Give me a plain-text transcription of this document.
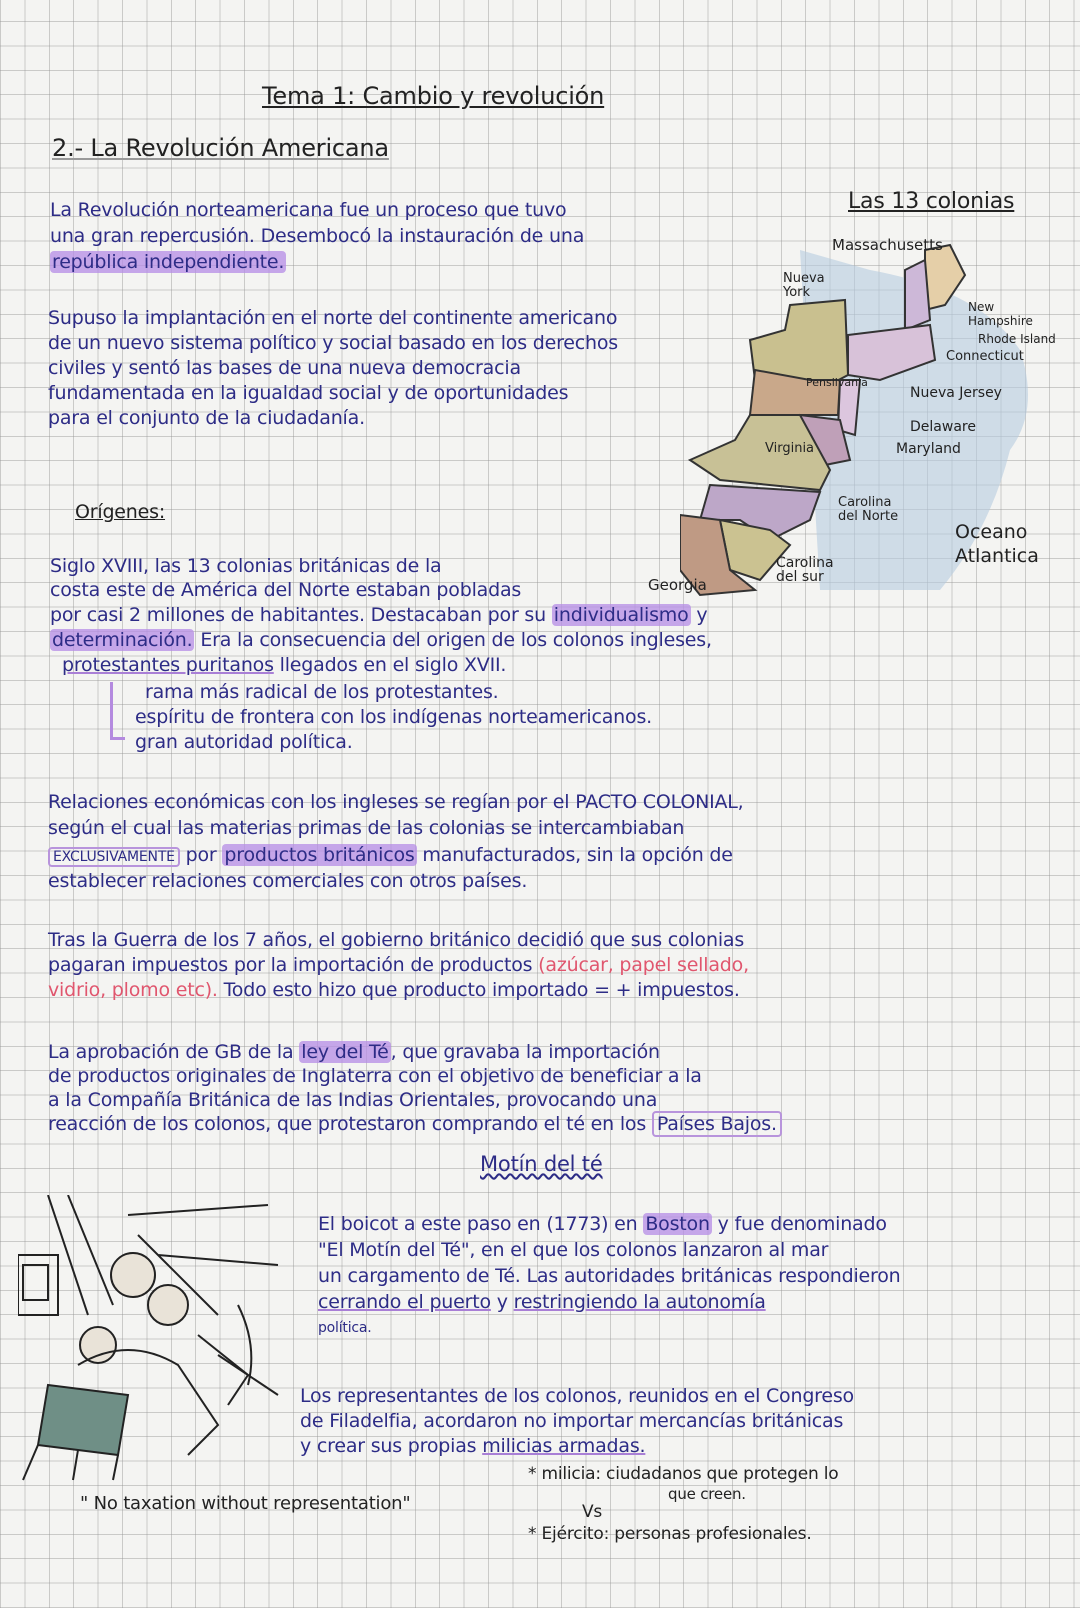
Tema 1: Cambio y revolución
2.- La Revolución Americana
La Revolución norteamericana fue un proceso que tuvo
una gran repercusión. Desembocó la instauración de una
república independiente.
Supuso la implantación en el norte del continente americano
de un nuevo sistema político y social basado en los derechos
civiles y sentó las bases de una nueva democracia
fundamentada en la igualdad social y de oportunidades
para el conjunto de la ciudadanía.
Las 13 colonias
Massachusetts
Nueva York
New Hampshire
Rhode Island
Connecticut
Pensilvania
Nueva Jersey
Delaware
Maryland
Virginia
Carolina del Norte
Carolina del sur
Georgia
Oceano Atlantica
Orígenes:
Siglo XVIII, las 13 colonias británicas de la
costa este de América del Norte estaban pobladas
por casi 2 millones de habitantes. Destacaban por su individualismo y
determinación. Era la consecuencia del origen de los colonos ingleses,
protestantes puritanos llegados en el siglo XVII.
rama más radical de los protestantes.
espíritu de frontera con los indígenas norteamericanos.
gran autoridad política.
Relaciones económicas con los ingleses se regían por el PACTO COLONIAL,
según el cual las materias primas de las colonias se intercambiaban
EXCLUSIVAMENTE por productos británicos manufacturados, sin la opción de
establecer relaciones comerciales con otros países.
Tras la Guerra de los 7 años, el gobierno británico decidió que sus colonias
pagaran impuestos por la importación de productos (azúcar, papel sellado,
vidrio, plomo etc). Todo esto hizo que producto importado = + impuestos.
La aprobación de GB de la ley del Té , que gravaba la importación
de productos originales de Inglaterra con el objetivo de beneficiar a la
a la Compañía Británica de las Indias Orientales, provocando una
reacción de los colonos, que protestaron comprando el té en los Países Bajos.
Motín del té
El boicot a este paso en (1773) en Boston y fue denominado
"El Motín del Té", en el que los colonos lanzaron al mar
un cargamento de Té. Las autoridades británicas respondieron
cerrando el puerto y restringiendo la autonomía
política.
Los representantes de los colonos, reunidos en el Congreso
de Filadelfia, acordaron no importar mercancías británicas
y crear sus propias milicias armadas.
* milicia: ciudadanos que protegen lo
que creen.
Vs
* Ejército: personas profesionales.
" No taxation without representation"
